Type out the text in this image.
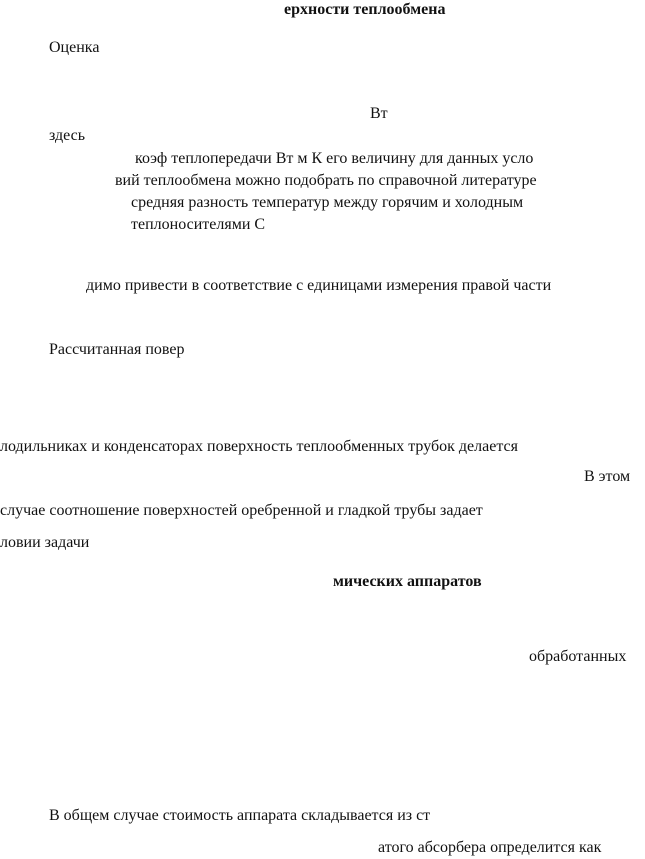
ерхности теплообмена
Оценка
Вт
здесь
коэф теплопередачи Вт м К его величину для данных усло
вий теплообмена можно подобрать по справочной литературе
средняя разность температур между горячим и холодным
теплоносителями С
димо привести в соответствие с единицами измерения правой части
Рассчитанная повер
лодильниках и конденсаторах поверхность теплообменных трубок делается
В этом
случае соотношение поверхностей оребренной и гладкой трубы задает
ловии задачи
мических аппаратов
обработанных
В общем случае стоимость аппарата складывается из ст
атого абсорбера определится как
